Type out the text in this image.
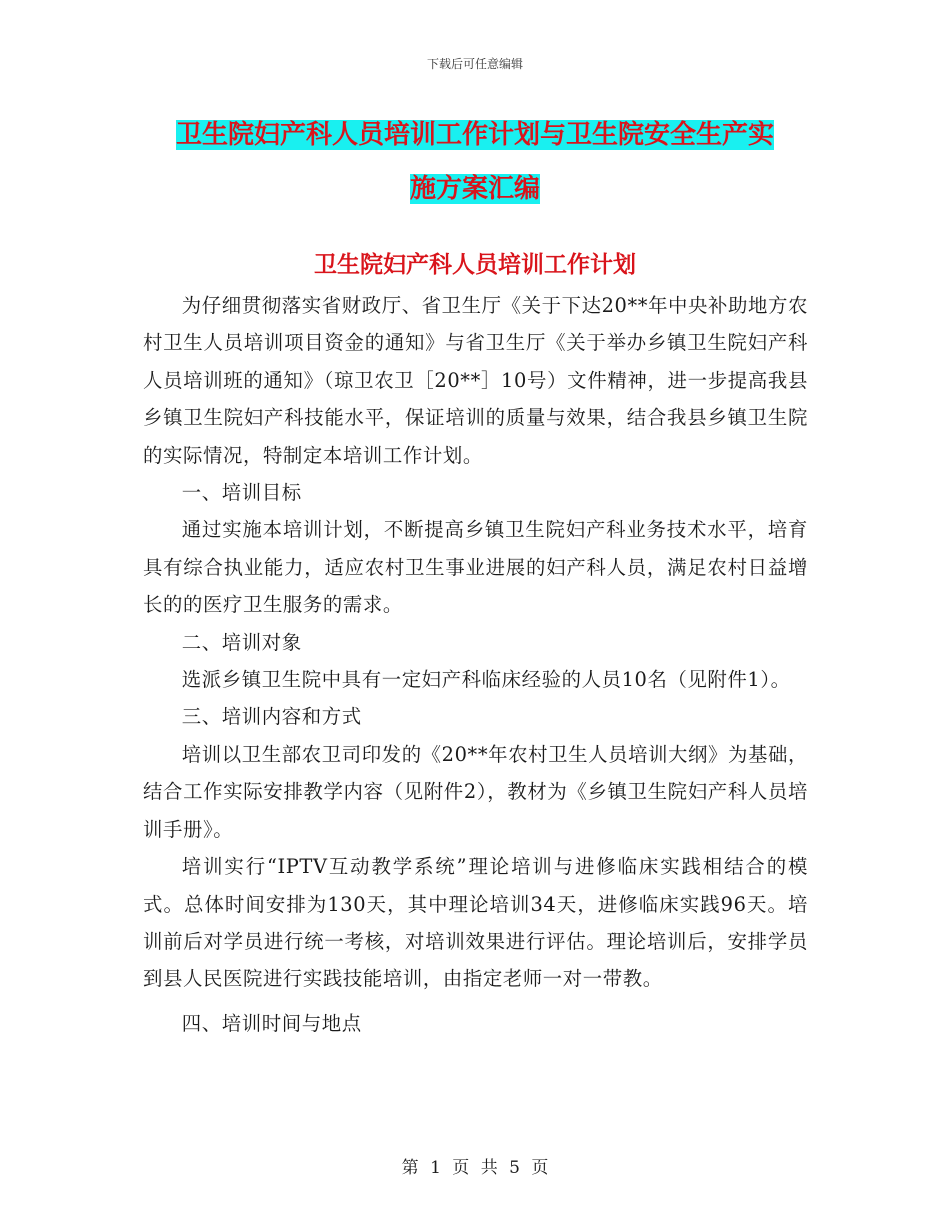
下载后可任意编辑
卫生院妇产科人员培训工作计划与卫生院安全生产实
施方案汇编
卫生院妇产科人员培训工作计划

为仔细贯彻落实省财政厅、省卫生厅《关于下达20**年中央补助地方农村卫生人员培训项目资金的通知》与省卫生厅《关于举办乡镇卫生院妇产科人员培训班的通知》（琼卫农卫［20**］10号）文件精神，进一步提高我县乡镇卫生院妇产科技能水平，保证培训的质量与效果，结合我县乡镇卫生院的实际情况，特制定本培训工作计划。

一、培训目标

通过实施本培训计划，不断提高乡镇卫生院妇产科业务技术水平，培育具有综合执业能力，适应农村卫生事业进展的妇产科人员，满足农村日益增长的的医疗卫生服务的需求。

二、培训对象

选派乡镇卫生院中具有一定妇产科临床经验的人员10名（见附件1）。

三、培训内容和方式

培训以卫生部农卫司印发的《20**年农村卫生人员培训大纲》为基础，结合工作实际安排教学内容（见附件2），教材为《乡镇卫生院妇产科人员培训手册》。

培训实行“IPTV互动教学系统”理论培训与进修临床实践相结合的模式。总体时间安排为130天，其中理论培训34天，进修临床实践96天。培训前后对学员进行统一考核，对培训效果进行评估。理论培训后，安排学员到县人民医院进行实践技能培训，由指定老师一对一带教。

四、培训时间与地点

第 1 页 共 5 页
